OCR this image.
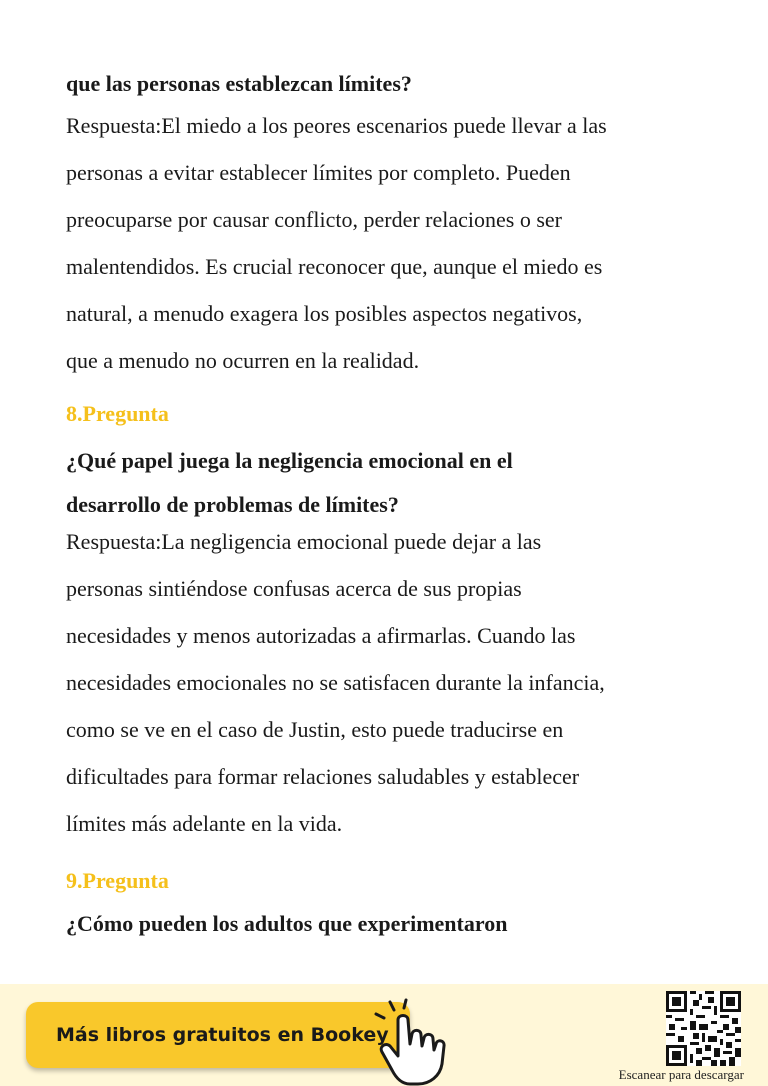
que las personas establezcan límites?
Respuesta:El miedo a los peores escenarios puede llevar a las
personas a evitar establecer límites por completo. Pueden
preocuparse por causar conflicto, perder relaciones o ser
malentendidos. Es crucial reconocer que, aunque el miedo es
natural, a menudo exagera los posibles aspectos negativos,
que a menudo no ocurren en la realidad.
8.Pregunta
¿Qué papel juega la negligencia emocional en el
desarrollo de problemas de límites?
Respuesta:La negligencia emocional puede dejar a las
personas sintiéndose confusas acerca de sus propias
necesidades y menos autorizadas a afirmarlas. Cuando las
necesidades emocionales no se satisfacen durante la infancia,
como se ve en el caso de Justin, esto puede traducirse en
dificultades para formar relaciones saludables y establecer
límites más adelante en la vida.
9.Pregunta
¿Cómo pueden los adultos que experimentaron
Más libros gratuitos en Bookey
Escanear para descargar
